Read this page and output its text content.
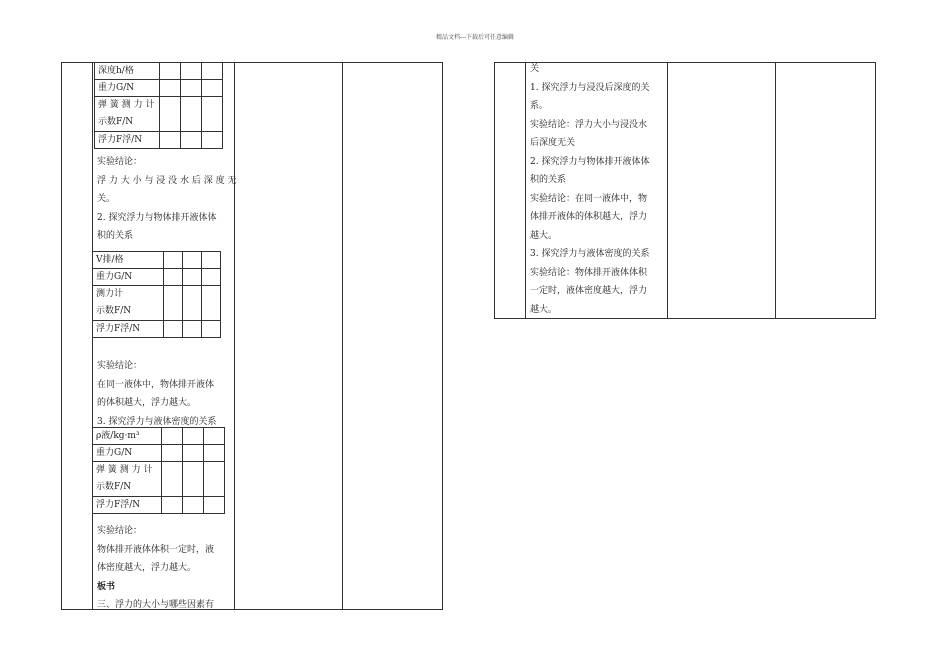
精品文档---下载后可任意编辑
深度h/格			
重力G/N			
弹 簧 测 力 计
示数F/N			
浮力F浮/N			
实验结论：
浮 力 大 小 与 浸 没 水 后 深 度 无
关。
2. 探究浮力与物体排开液体体
积的关系
V排/格			
重力G/N			
测力计
示数F/N			
浮力F浮/N			
实验结论：
在同一液体中，物体排开液体
的体积越大，浮力越大。
3. 探究浮力与液体密度的关系
ρ液/kg·m³			
重力G/N			
弹 簧 测 力 计
示数F/N			
浮力F浮/N			
实验结论：
物体排开液体体积一定时，液
体密度越大，浮力越大。
板书
三、浮力的大小与哪些因素有
关
1. 探究浮力与浸没后深度的关
系。
实验结论：浮力大小与浸没水
后深度无关
2. 探究浮力与物体排开液体体
积的关系
实验结论：在同一液体中，物
体排开液体的体积越大，浮力
越大。
3. 探究浮力与液体密度的关系
实验结论：物体排开液体体积
一定时，液体密度越大，浮力
越大。
